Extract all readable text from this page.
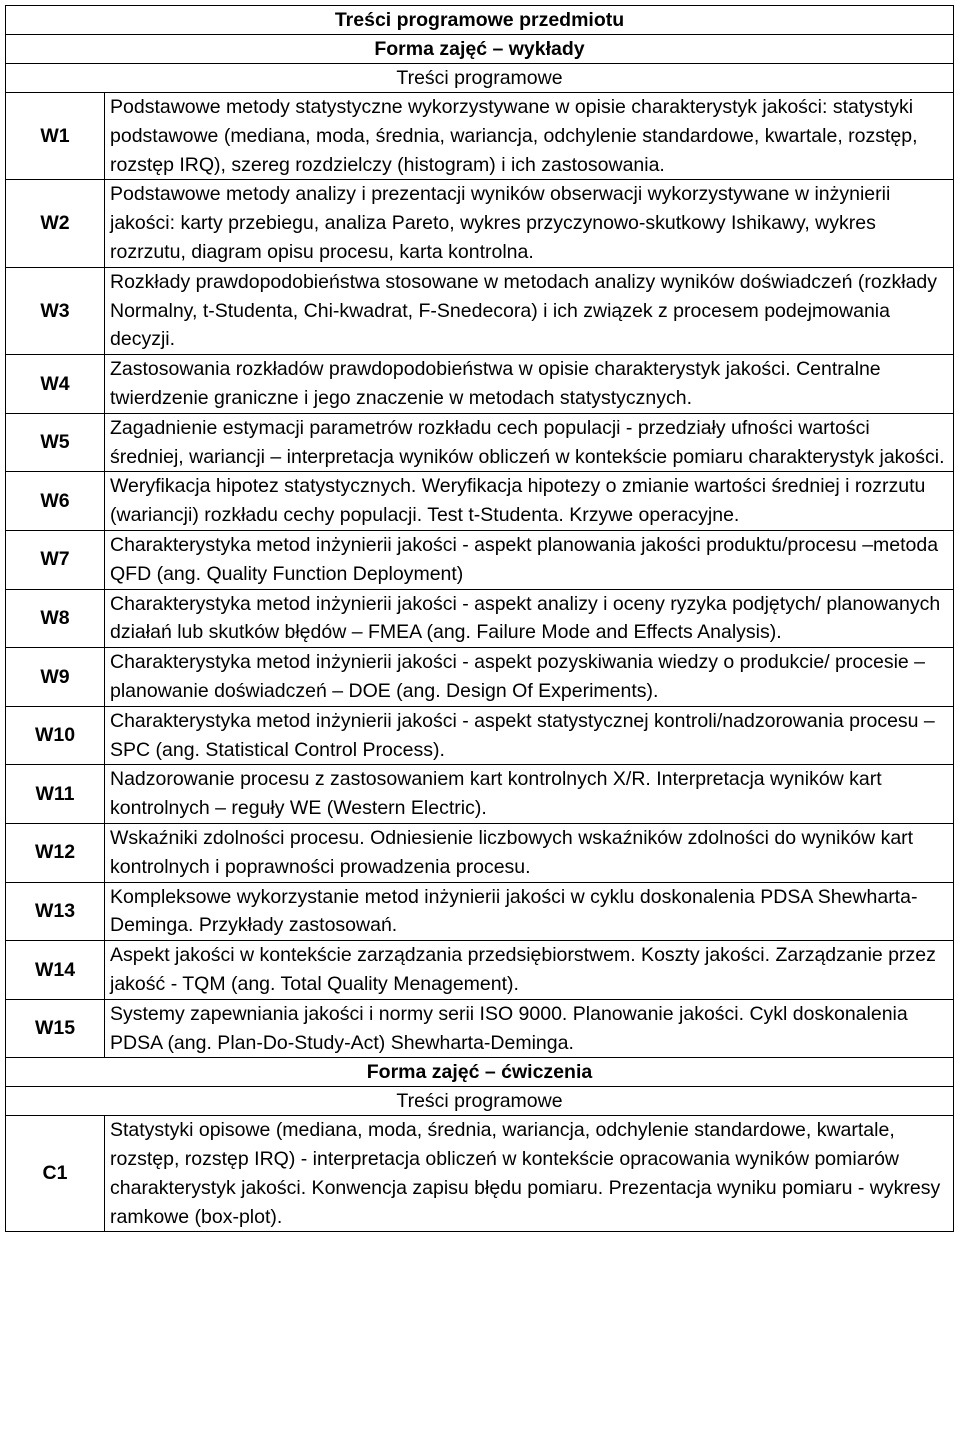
Treści programowe przedmiotu	
Forma zajęć – wykłady	
Treści programowe	
W1	Podstawowe metody statystyczne wykorzystywane w opisie charakterystyk jakości: statystyki podstawowe (mediana, moda, średnia, wariancja, odchylenie standardowe, kwartale, rozstęp, rozstęp IRQ), szereg rozdzielczy (histogram) i ich zastosowania.
W2	Podstawowe metody analizy i prezentacji wyników obserwacji wykorzystywane w inżynierii jakości: karty przebiegu, analiza Pareto, wykres przyczynowo-skutkowy Ishikawy, wykres rozrzutu, diagram opisu procesu, karta kontrolna.
W3	Rozkłady prawdopodobieństwa stosowane w metodach analizy wyników doświadczeń (rozkłady Normalny, t-Studenta, Chi-kwadrat, F-Snedecora) i ich związek z procesem podejmowania decyzji.
W4	Zastosowania rozkładów prawdopodobieństwa w opisie charakterystyk jakości. Centralne twierdzenie graniczne i jego znaczenie w metodach statystycznych.
W5	Zagadnienie estymacji parametrów rozkładu cech populacji - przedziały ufności wartości średniej, wariancji – interpretacja wyników obliczeń w kontekście pomiaru charakterystyk jakości.
W6	Weryfikacja hipotez statystycznych. Weryfikacja hipotezy o zmianie wartości średniej i rozrzutu (wariancji) rozkładu cechy populacji. Test t-Studenta. Krzywe operacyjne.
W7	Charakterystyka metod inżynierii jakości - aspekt planowania jakości produktu/procesu –metoda QFD (ang. Quality Function Deployment)
W8	Charakterystyka metod inżynierii jakości - aspekt analizy i oceny ryzyka podjętych/ planowanych działań lub skutków błędów – FMEA (ang. Failure Mode and Effects Analysis).
W9	Charakterystyka metod inżynierii jakości - aspekt pozyskiwania wiedzy o produkcie/ procesie – planowanie doświadczeń – DOE (ang. Design Of Experiments).
W10	Charakterystyka metod inżynierii jakości - aspekt statystycznej kontroli/nadzorowania procesu – SPC (ang. Statistical Control Process).
W11	Nadzorowanie procesu z zastosowaniem kart kontrolnych X/R. Interpretacja wyników kart kontrolnych – reguły WE (Western Electric).
W12	Wskaźniki zdolności procesu. Odniesienie liczbowych wskaźników zdolności do wyników kart kontrolnych i poprawności prowadzenia procesu.
W13	Kompleksowe wykorzystanie metod inżynierii jakości w cyklu doskonalenia PDSA Shewharta-Deminga. Przykłady zastosowań.
W14	Aspekt jakości w kontekście zarządzania przedsiębiorstwem. Koszty jakości. Zarządzanie przez jakość - TQM (ang. Total Quality Menagement).
W15	Systemy zapewniania jakości i normy serii ISO 9000. Planowanie jakości. Cykl doskonalenia PDSA (ang. Plan-Do-Study-Act) Shewharta-Deminga.
Forma zajęć – ćwiczenia	
Treści programowe	
C1	Statystyki opisowe (mediana, moda, średnia, wariancja, odchylenie standardowe, kwartale, rozstęp, rozstęp IRQ) - interpretacja obliczeń w kontekście opracowania wyników pomiarów charakterystyk jakości. Konwencja zapisu błędu pomiaru. Prezentacja wyniku pomiaru - wykresy ramkowe (box-plot).
